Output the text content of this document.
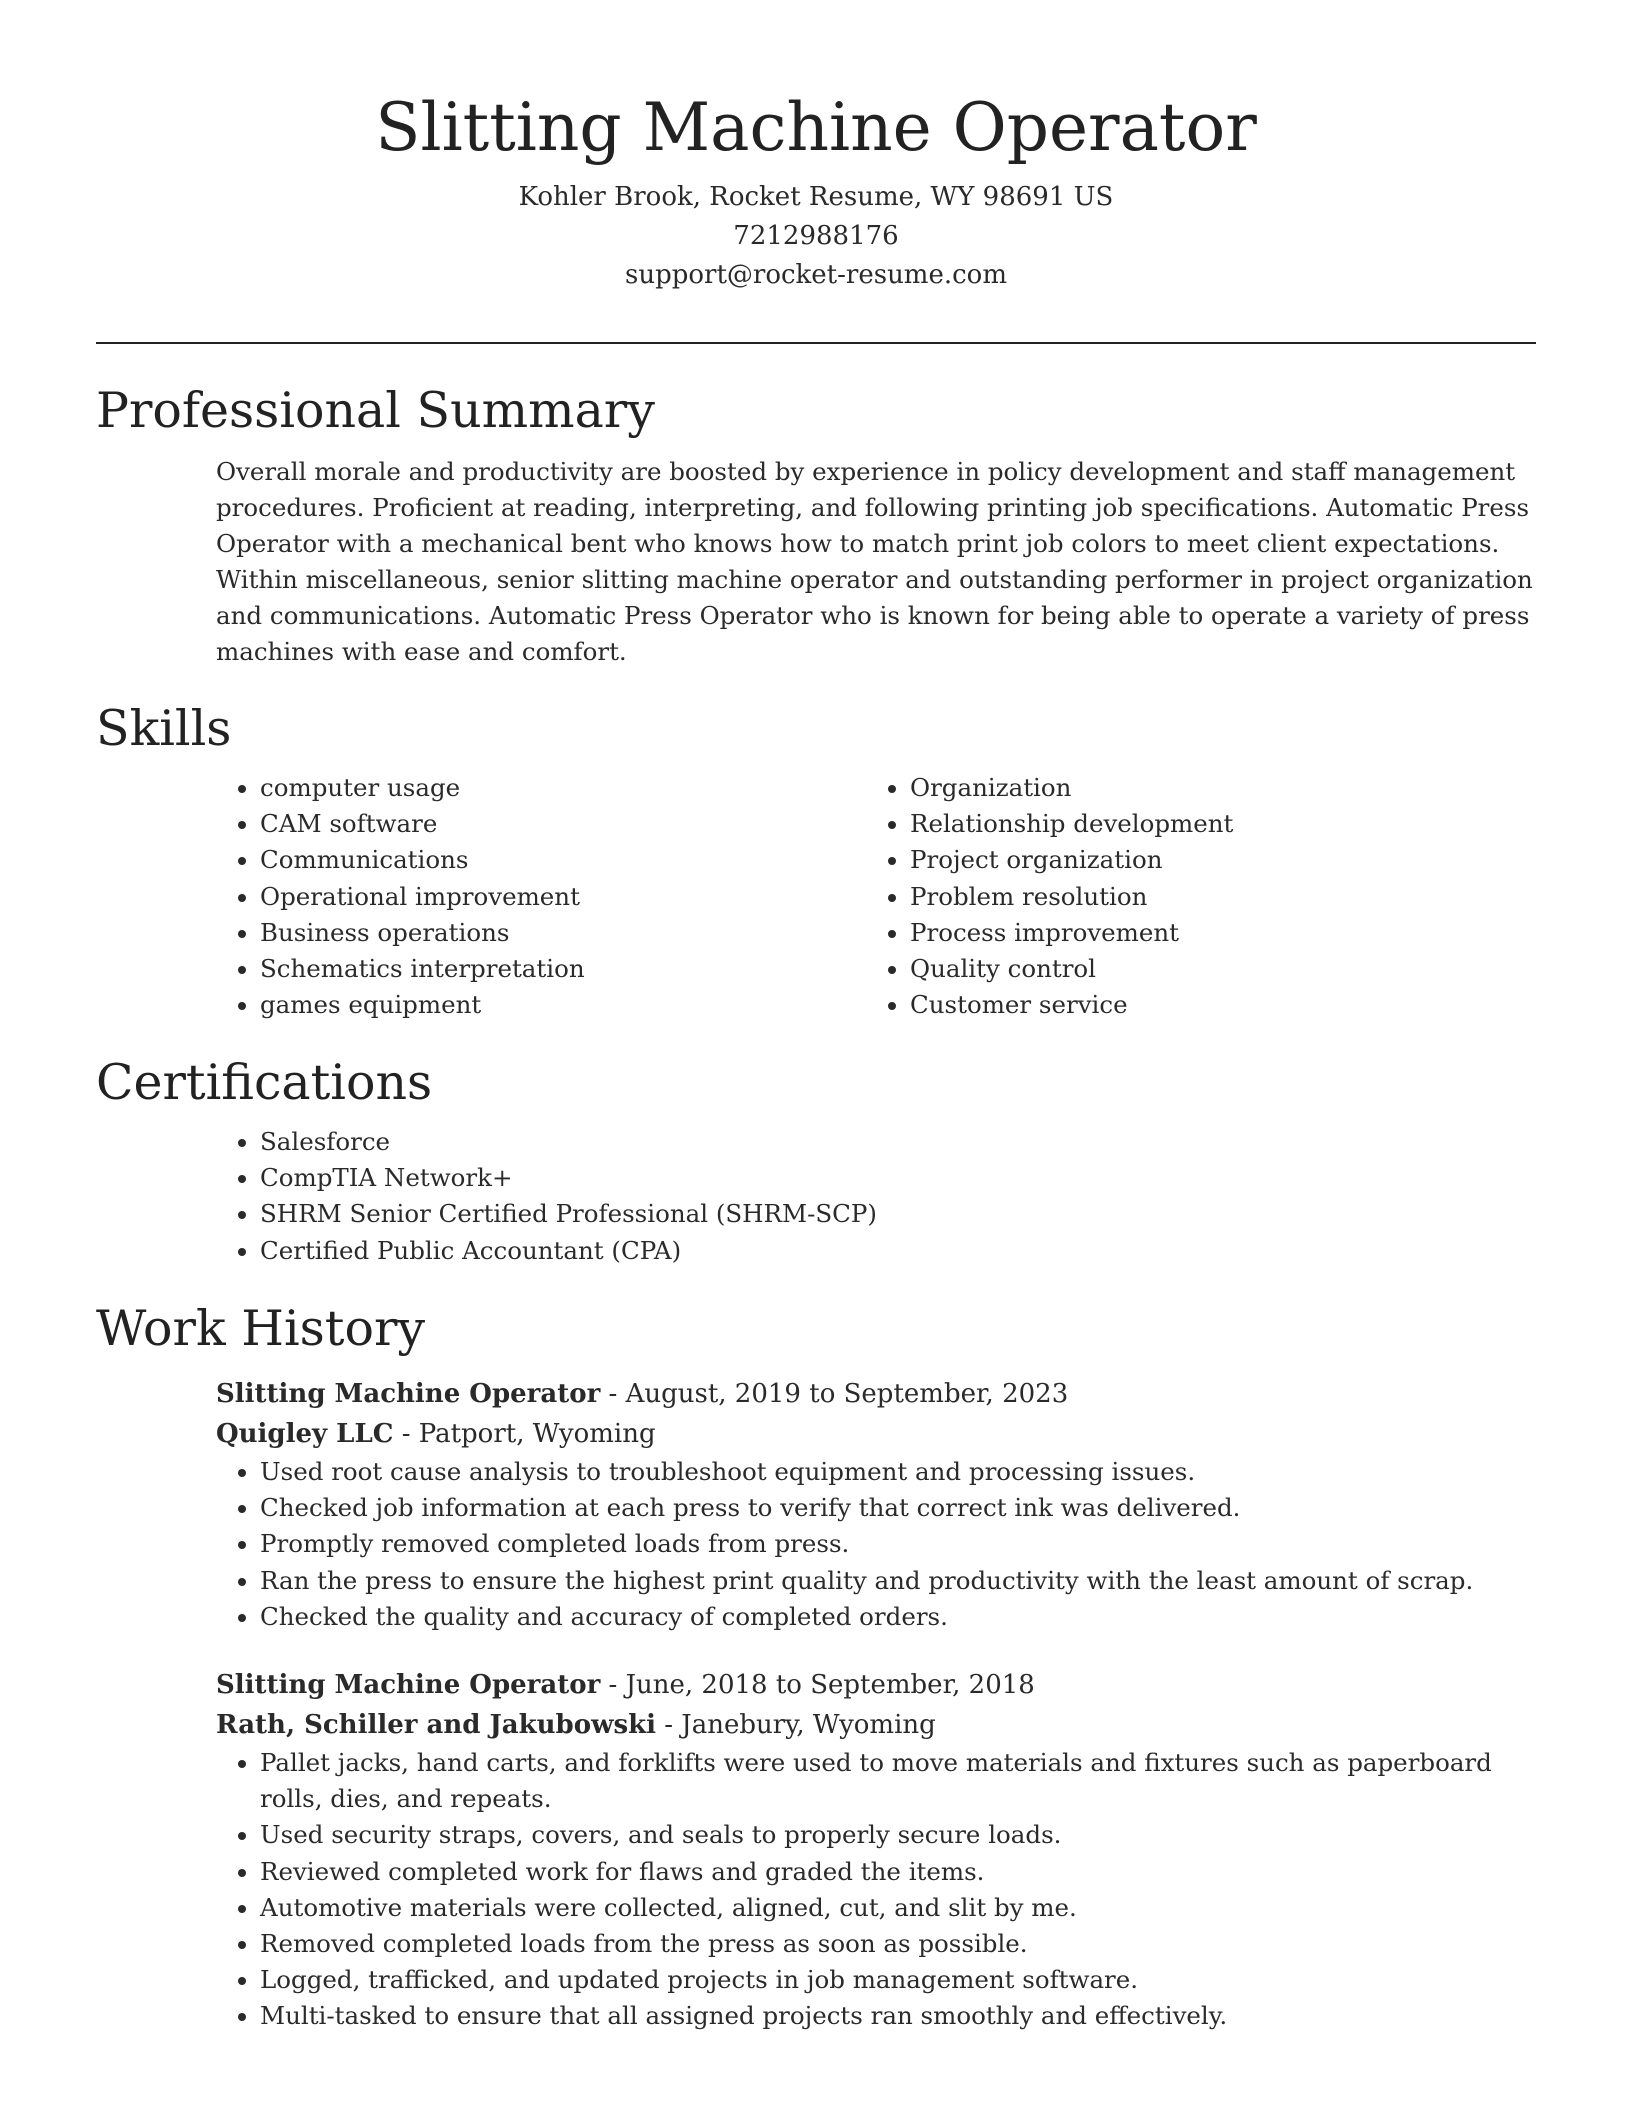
Slitting Machine Operator
Kohler Brook, Rocket Resume, WY 98691 US
7212988176
support@rocket-resume.com
Professional Summary

Overall morale and productivity are boosted by experience in policy development and staff management procedures. Proficient at reading, interpreting, and following printing job specifications. Automatic Press Operator with a mechanical bent who knows how to match print job colors to meet client expectations. Within miscellaneous, senior slitting machine operator and outstanding performer in project organization and communications. Automatic Press Operator who is known for being able to operate a variety of press machines with ease and comfort.

Skills
• computer usage
• CAM software
• Communications
• Operational improvement
• Business operations
• Schematics interpretation
• games equipment
• Organization
• Relationship development
• Project organization
• Problem resolution
• Process improvement
• Quality control
• Customer service
Certifications
• Salesforce
• CompTIA Network+
• SHRM Senior Certified Professional (SHRM-SCP)
• Certified Public Accountant (CPA)
Work History
Slitting Machine Operator - August, 2019 to September, 2023
Quigley LLC - Patport, Wyoming
• Used root cause analysis to troubleshoot equipment and processing issues.
• Checked job information at each press to verify that correct ink was delivered.
• Promptly removed completed loads from press.
• Ran the press to ensure the highest print quality and productivity with the least amount of scrap.
• Checked the quality and accuracy of completed orders.
Slitting Machine Operator - June, 2018 to September, 2018
Rath, Schiller and Jakubowski - Janebury, Wyoming
• Pallet jacks, hand carts, and forklifts were used to move materials and fixtures such as paperboard rolls, dies, and repeats.
• Used security straps, covers, and seals to properly secure loads.
• Reviewed completed work for flaws and graded the items.
• Automotive materials were collected, aligned, cut, and slit by me.
• Removed completed loads from the press as soon as possible.
• Logged, trafficked, and updated projects in job management software.
• Multi-tasked to ensure that all assigned projects ran smoothly and effectively.
